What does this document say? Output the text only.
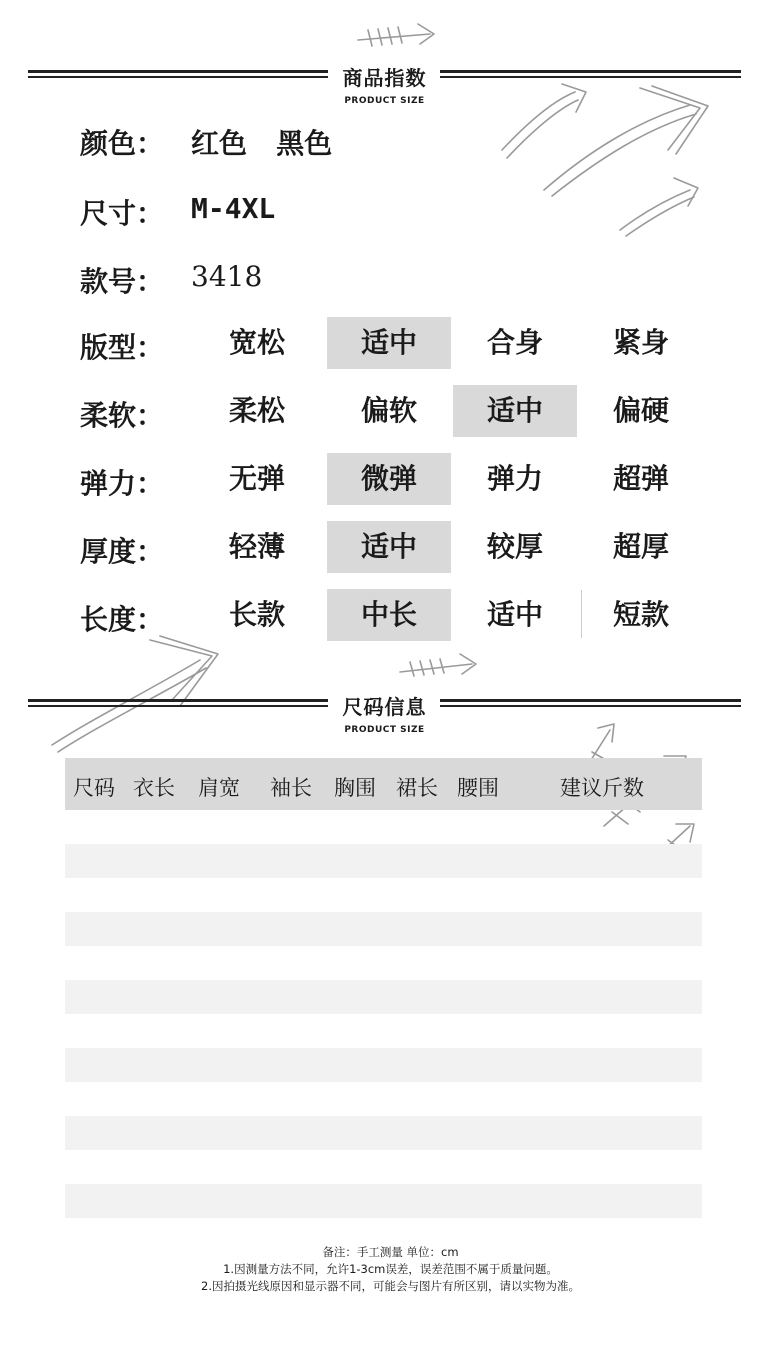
商品指数
PRODUCT SIZE
颜色： 红色   黑色
尺寸： M-4XL
款号： 3418
版型：	宽松	适中	合身	紧身
柔软：	柔松	偏软	适中	偏硬
弹力：	无弹	微弹	弹力	超弹
厚度：	轻薄	适中	较厚	超厚
长度：	长款	中长	适中	短款
尺码信息
PRODUCT SIZE
尺码 衣长 肩宽 袖长 胸围 裙长 腰围	建议斤数
备注：手工测量 单位：cm
1.因测量方法不同，允许1-3cm误差，误差范围不属于质量问题。
2.因拍摄光线原因和显示器不同，可能会与图片有所区别，请以实物为准。
